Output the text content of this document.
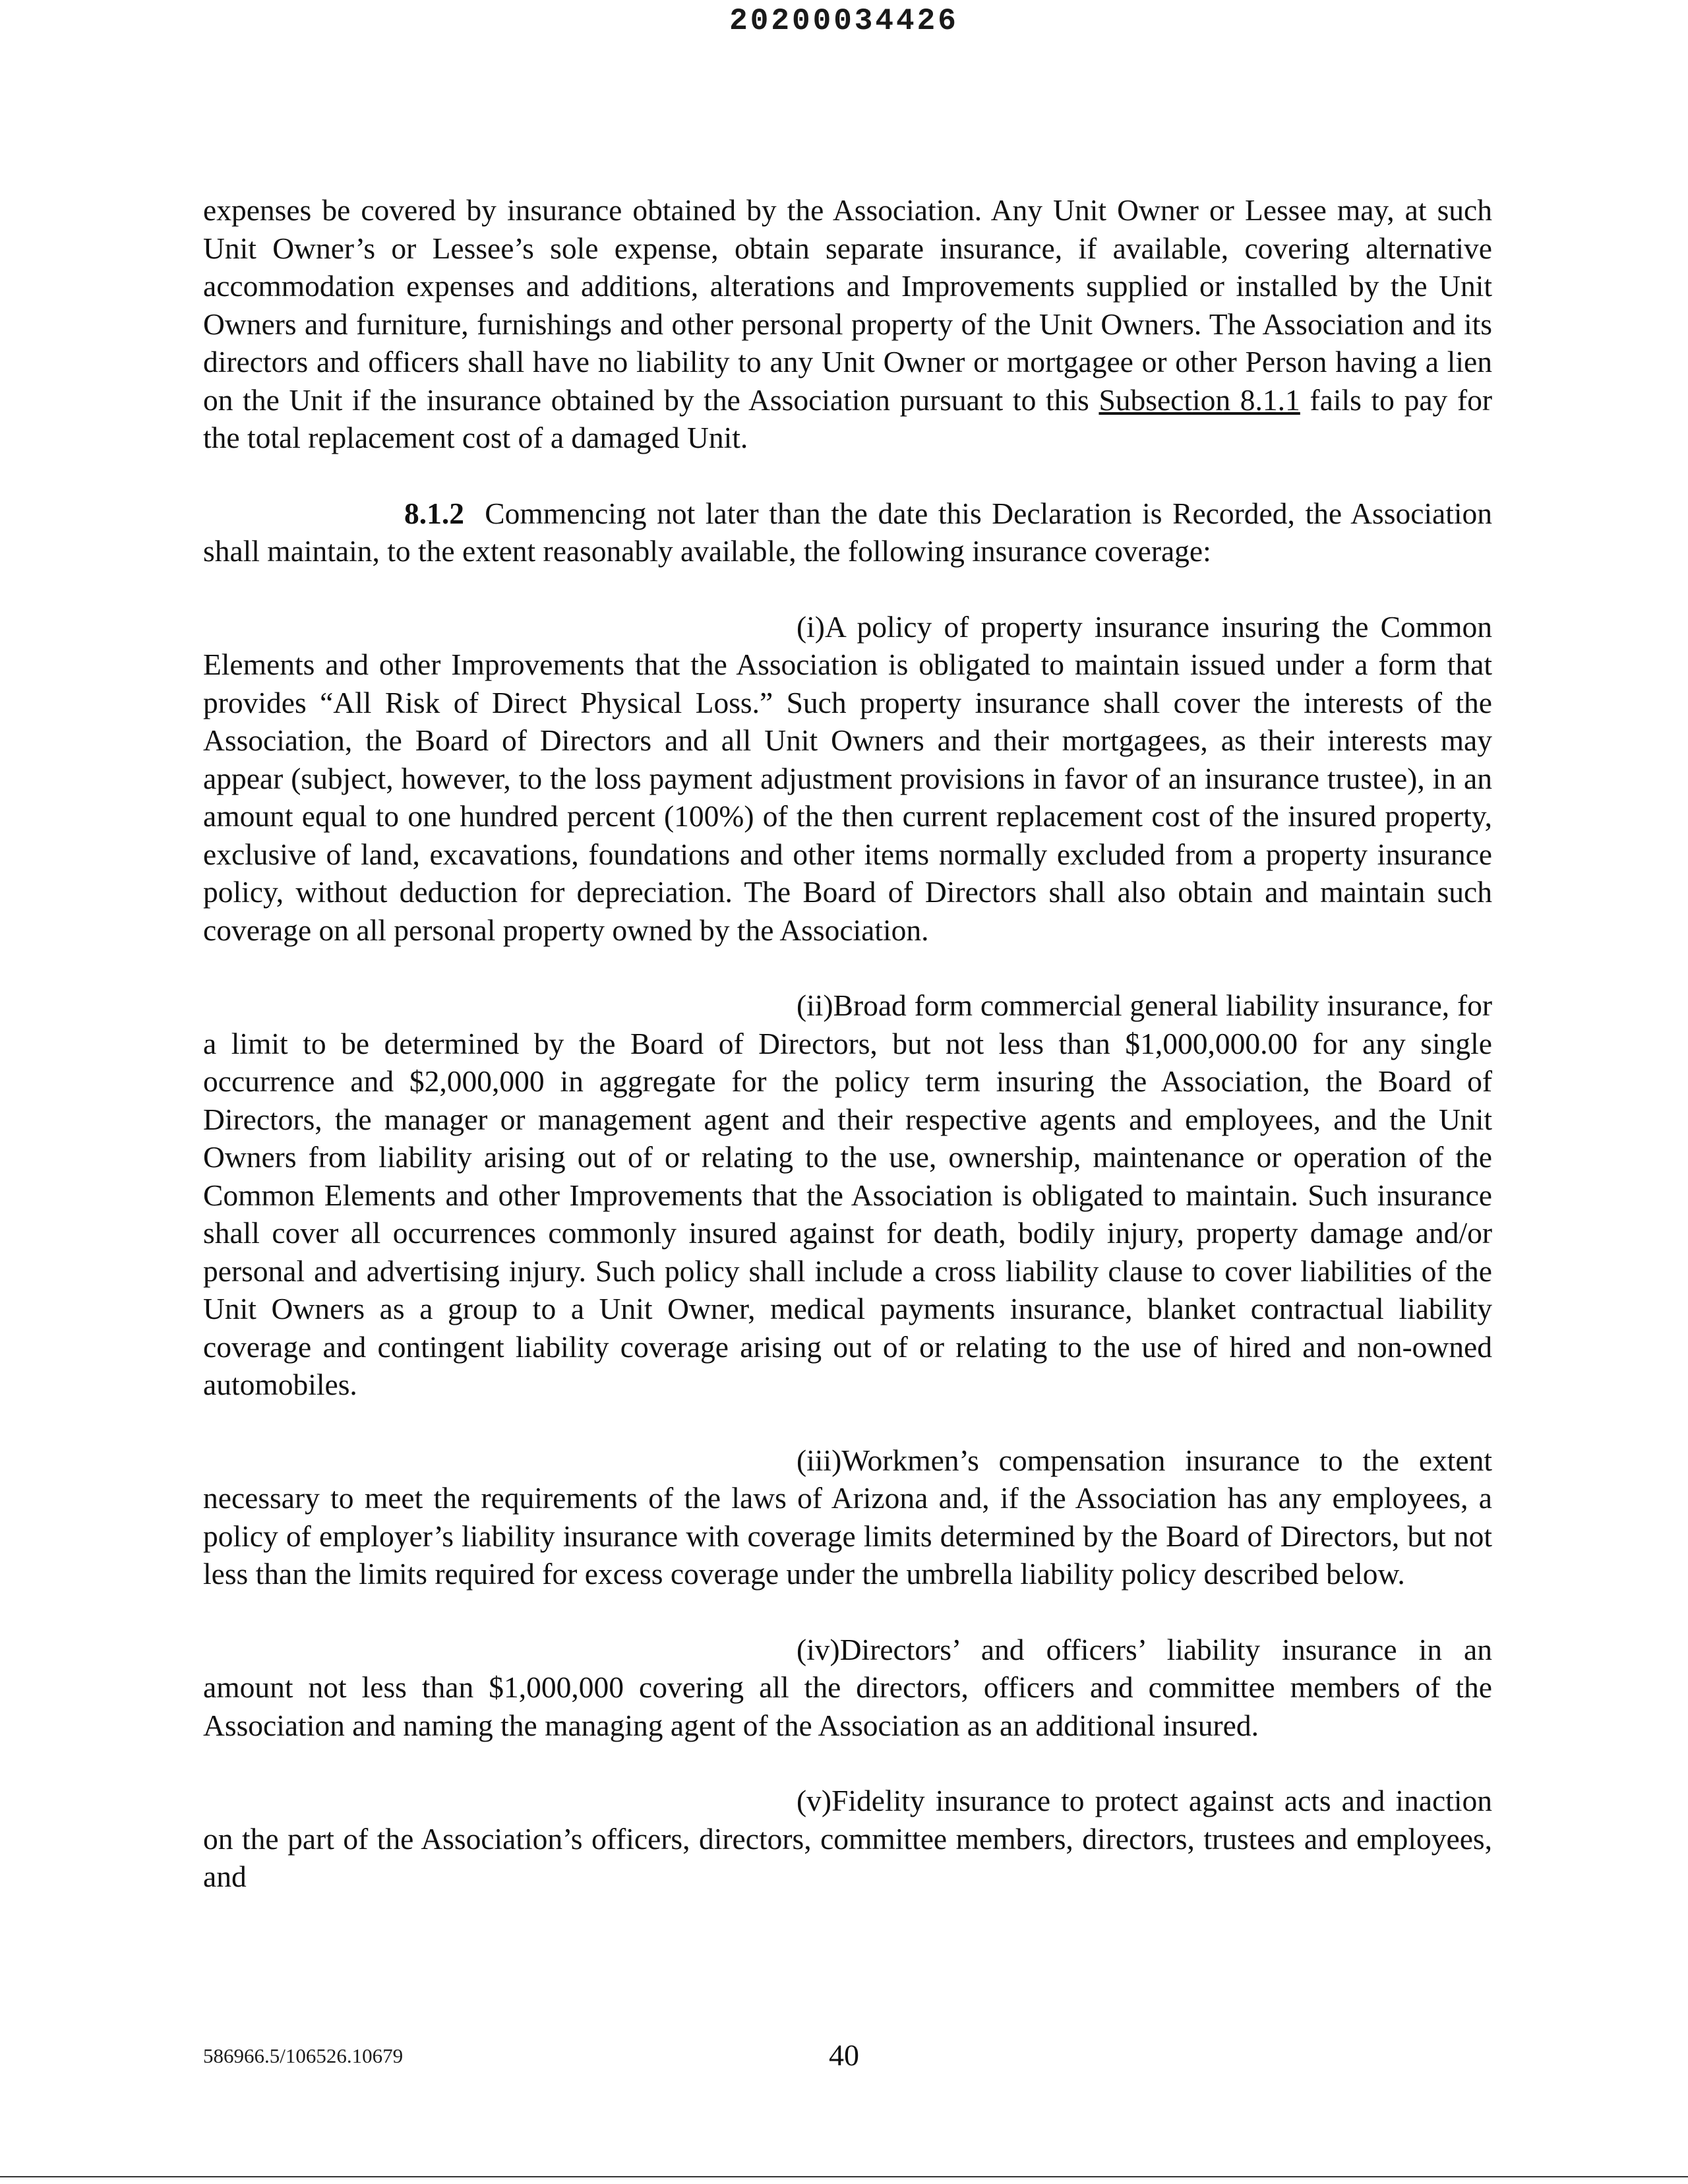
20200034426

expenses be covered by insurance obtained by the Association. Any Unit Owner or Lessee may, at such Unit Owner’s or Lessee’s sole expense, obtain separate insurance, if available, covering alternative accommodation expenses and additions, alterations and Improvements supplied or installed by the Unit Owners and furniture, furnishings and other personal property of the Unit Owners. The Association and its directors and officers shall have no liability to any Unit Owner or mortgagee or other Person having a lien on the Unit if the insurance obtained by the Association pursuant to this Subsection 8.1.1 fails to pay for the total replacement cost of a damaged Unit.

8.1.2 Commencing not later than the date this Declaration is Recorded, the Association shall maintain, to the extent reasonably available, the following insurance coverage:

(i)A policy of property insurance insuring the Common Elements and other Improvements that the Association is obligated to maintain issued under a form that provides “All Risk of Direct Physical Loss.” Such property insurance shall cover the interests of the Association, the Board of Directors and all Unit Owners and their mortgagees, as their interests may appear (subject, however, to the loss payment adjustment provisions in favor of an insurance trustee), in an amount equal to one hundred percent (100%) of the then current replacement cost of the insured property, exclusive of land, excavations, foundations and other items normally excluded from a property insurance policy, without deduction for depreciation. The Board of Directors shall also obtain and maintain such coverage on all personal property owned by the Association.

(ii)Broad form commercial general liability insurance, for a limit to be determined by the Board of Directors, but not less than $1,000,000.00 for any single occurrence and $2,000,000 in aggregate for the policy term insuring the Association, the Board of Directors, the manager or management agent and their respective agents and employees, and the Unit Owners from liability arising out of or relating to the use, ownership, maintenance or operation of the Common Elements and other Improvements that the Association is obligated to maintain. Such insurance shall cover all occurrences commonly insured against for death, bodily injury, property damage and/or personal and advertising injury. Such policy shall include a cross liability clause to cover liabilities of the Unit Owners as a group to a Unit Owner, medical payments insurance, blanket contractual liability coverage and contingent liability coverage arising out of or relating to the use of hired and non-owned automobiles.

(iii)Workmen’s compensation insurance to the extent necessary to meet the requirements of the laws of Arizona and, if the Association has any employees, a policy of employer’s liability insurance with coverage limits determined by the Board of Directors, but not less than the limits required for excess coverage under the umbrella liability policy described below.

(iv)Directors’ and officers’ liability insurance in an amount not less than $1,000,000 covering all the directors, officers and committee members of the Association and naming the managing agent of the Association as an additional insured.

(v)Fidelity insurance to protect against acts and inaction on the part of the Association’s officers, directors, committee members, directors, trustees and employees, and

586966.5/106526.10679	40
